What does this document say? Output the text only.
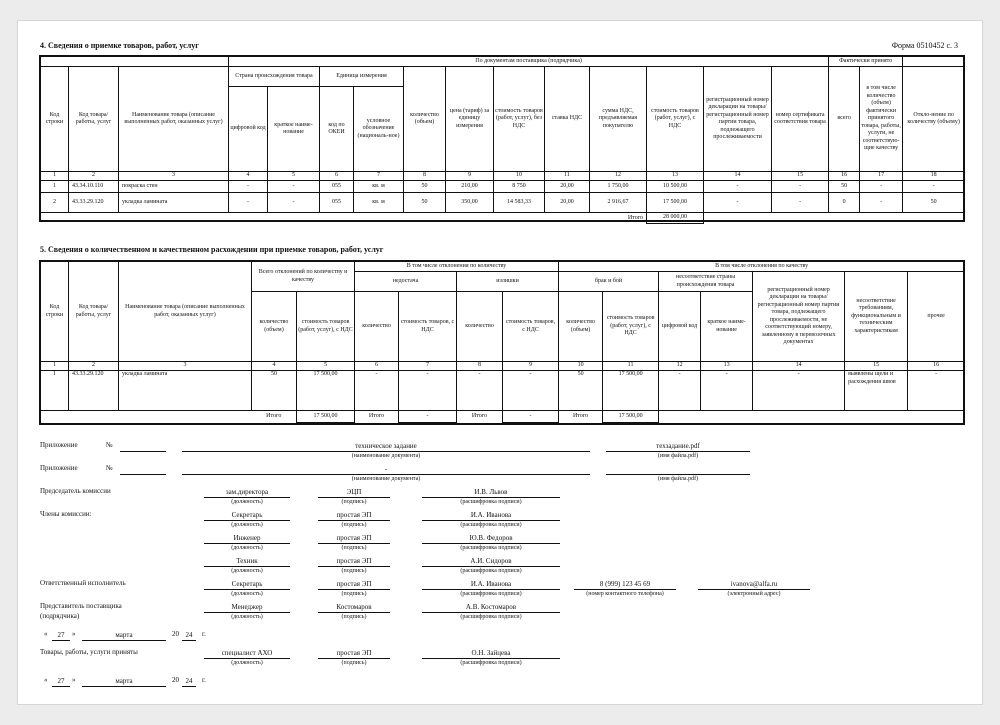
4. Сведения о приемке товаров, работ, услуг	Форма 0510452 с. 3
			По документам поставщика (подрядчика)												Фактически принято		
Код строки	Код товара/ работы, услуг	Наименование товара (описание выполненных работ, оказанных услуг)	Страна происхождения товара		Единица измерения		количество (объем)	цена (тариф) за единицу измерения	стоимость товаров (работ, услуг), без НДС	ставка НДС	сумма НДС, предъявляемая покупателю	стоимость товаров (работ, услуг), с НДС	регистрационный номер декларации на товары/ регистрационный номер партии товара, подлежащего прослеживаемости	номер сертификата соответствия товара	всего	в том числе количество (объем) фактически принятого товара, работы, услуги, не соответствую-щие качеству	Откло-нение по количеству (объему)
			цифровой код	краткое наиме-нование	код по ОКЕИ	условное обозначение (нациoналь-ное)											
1	2	3	4	5	6	7	8	9	10	11	12	13	14	15	16	17	18
1	43.34.10.110	покраска стен	-	-	055	кв. м	50	210,00	8 750	20,00	1 750,00	10 500,00	-	-	50	-	-
2	43.33.29.120	укладка ламината	-	-	055	кв. м	50	350,00	14 583,33	20,00	2 916,67	17 500,00	-	-	0	-	50
											Итого	28 000,00					
5. Сведения о количественном и качественном расхождении при приемке товаров, работ, услуг
Код строки	Код товара/ работы, услуг	Наименование товара (описание выполненных работ, оказанных услуг)	Всего отклонений по количеству и качеству		В том числе отклонения по количеству				В том числе отклонения по качеству						
					недостача		излишки		брак и бой		несоответствие страны происхождения товара		регистрационный номер декларации на товары/ регистрационный номер партии товара, подлежащего прослеживаемости, не соответствующий номеру, заявленному в перевозочных документах	несоответствие требованиям, функциональным и техническим характеристикам	прочее
			количество (объем)	стоимость товаров (работ, услуг), с НДС	количество	стоимость товаров, с НДС	количество	стоимость товаров, с НДС	количество (объем)	стоимость товаров (работ, услуг), с НДС	цифровой код	краткое наиме-нование			
1	2	3	4	5	6	7	8	9	10	11	12	13	14	15	16
1	43.33.29.120	укладка ламината	50	17 500,00	-	-	-	-	50	17 500,00	-	-	-	выявлены щели и расхождения швов	-
			Итого	17 500,00	Итого	-	Итого	-	Итого	17 500,00					
Приложение	№	техническое задание
(наименование документа)
техзадание.pdf
(имя файла.pdf)
Приложение	№	-
(наименование документа)	(имя файла.pdf)
Председатель комиссии	зам.директора
(должность)
ЭЦП
(подпись)
И.В. Львов
(расшифровка подписи)
Члены комиссии:	Секретарь
(должность)
простая ЭП
(подпись)
И.А. Иванова
(расшифровка подписи)
Инженер
(должность)
простая ЭП
(подпись)
Ю.В. Федоров
(расшифровка подписи)
Техник
(должность)
простая ЭП
(подпись)
А.И. Сидоров
(расшифровка подписи)
Ответственный исполнитель	Секретарь
(должность)
простая ЭП
(подпись)
И.А. Иванова
(расшифровка подписи)
8 (999) 123 45 69
(номер контактного телефона)
ivanova@alfa.ru
(электронный адрес)
Представитель поставщика
(подрядчика)
Менеджер
(должность)
Костомаров
(подпись)
А.В. Костомаров
(расшифровка подписи)
«	27	»	марта	20 24	г.
Товары, работы, услуги приняты	специалист АХО
(должность)
простая ЭП
(подпись)
О.Н. Зайцева
(расшифровка подписи)
«	27	»	марта	20 24	г.
